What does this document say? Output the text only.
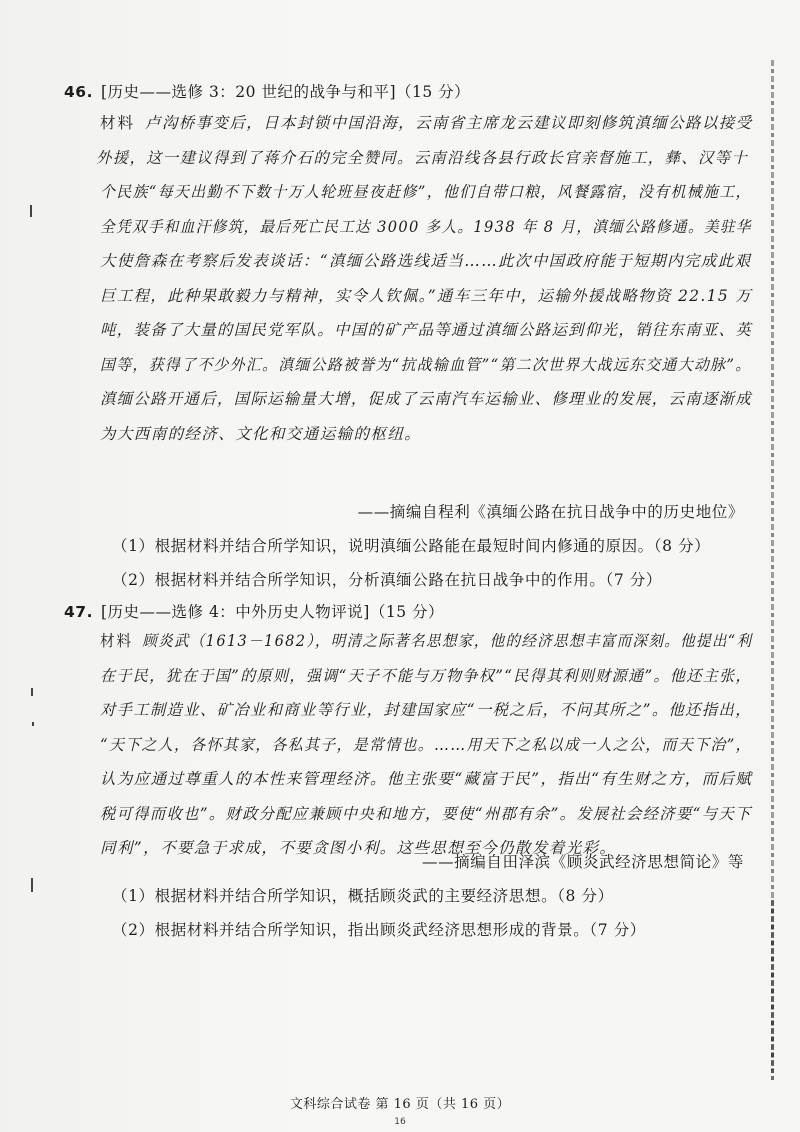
46. [历史——选修 3：20 世纪的战争与和平]（15 分）
材料 卢沟桥事变后，日本封锁中国沿海，云南省主席龙云建议即刻修筑滇缅公路以接受
外援，这一建议得到了蒋介石的完全赞同。云南沿线各县行政长官亲督施工，彝、汉等十
个民族“每天出勤不下数十万人轮班昼夜赶修”，他们自带口粮，风餐露宿，没有机械施工，
全凭双手和血汗修筑，最后死亡民工达 3000 多人。1938 年 8 月，滇缅公路修通。美驻华
大使詹森在考察后发表谈话：“滇缅公路选线适当……此次中国政府能于短期内完成此艰
巨工程，此种果敢毅力与精神，实令人钦佩。”通车三年中，运输外援战略物资 22.15 万
吨，装备了大量的国民党军队。中国的矿产品等通过滇缅公路运到仰光，销往东南亚、英
国等，获得了不少外汇。滇缅公路被誉为“抗战输血管”“第二次世界大战远东交通大动脉”。
滇缅公路开通后，国际运输量大增，促成了云南汽车运输业、修理业的发展，云南逐渐成
为大西南的经济、文化和交通运输的枢纽。
——摘编自程利《滇缅公路在抗日战争中的历史地位》
（1）根据材料并结合所学知识，说明滇缅公路能在最短时间内修通的原因。（8 分）
（2）根据材料并结合所学知识，分析滇缅公路在抗日战争中的作用。（7 分）
47. [历史——选修 4：中外历史人物评说]（15 分）
材料 顾炎武（1613－1682），明清之际著名思想家，他的经济思想丰富而深刻。他提出“利
在于民，犹在于国”的原则，强调“天子不能与万物争权”“民得其利则财源通”。他还主张，
对手工制造业、矿冶业和商业等行业，封建国家应“一税之后，不问其所之”。他还指出，
“天下之人，各怀其家，各私其子，是常情也。……用天下之私以成一人之公，而天下治”，
认为应通过尊重人的本性来管理经济。他主张要“藏富于民”，指出“有生财之方，而后赋
税可得而收也”。财政分配应兼顾中央和地方，要使“州郡有余”。发展社会经济要“与天下
同利”，不要急于求成，不要贪图小利。这些思想至今仍散发着光彩。
——摘编自田泽滨《顾炎武经济思想简论》等
（1）根据材料并结合所学知识，概括顾炎武的主要经济思想。（8 分）
（2）根据材料并结合所学知识，指出顾炎武经济思想形成的背景。（7 分）
文科综合试卷 第 16 页（共 16 页）
16
